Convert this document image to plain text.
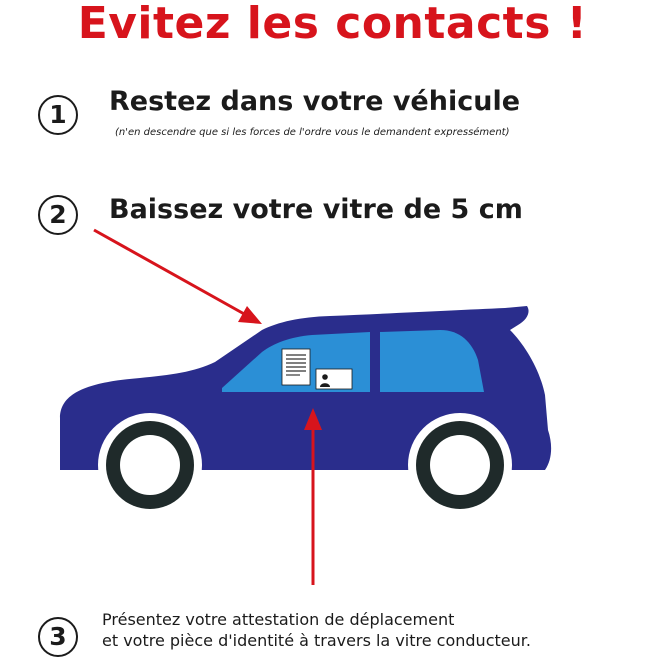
Evitez les contacts !
1	Restez dans votre véhicule
(n'en descendre que si les forces de l'ordre vous le demandent expressément)
2	Baissez votre vitre de 5 cm
3
Présentez votre attestation de déplacement
et votre pièce d'identité à travers la vitre conducteur.
